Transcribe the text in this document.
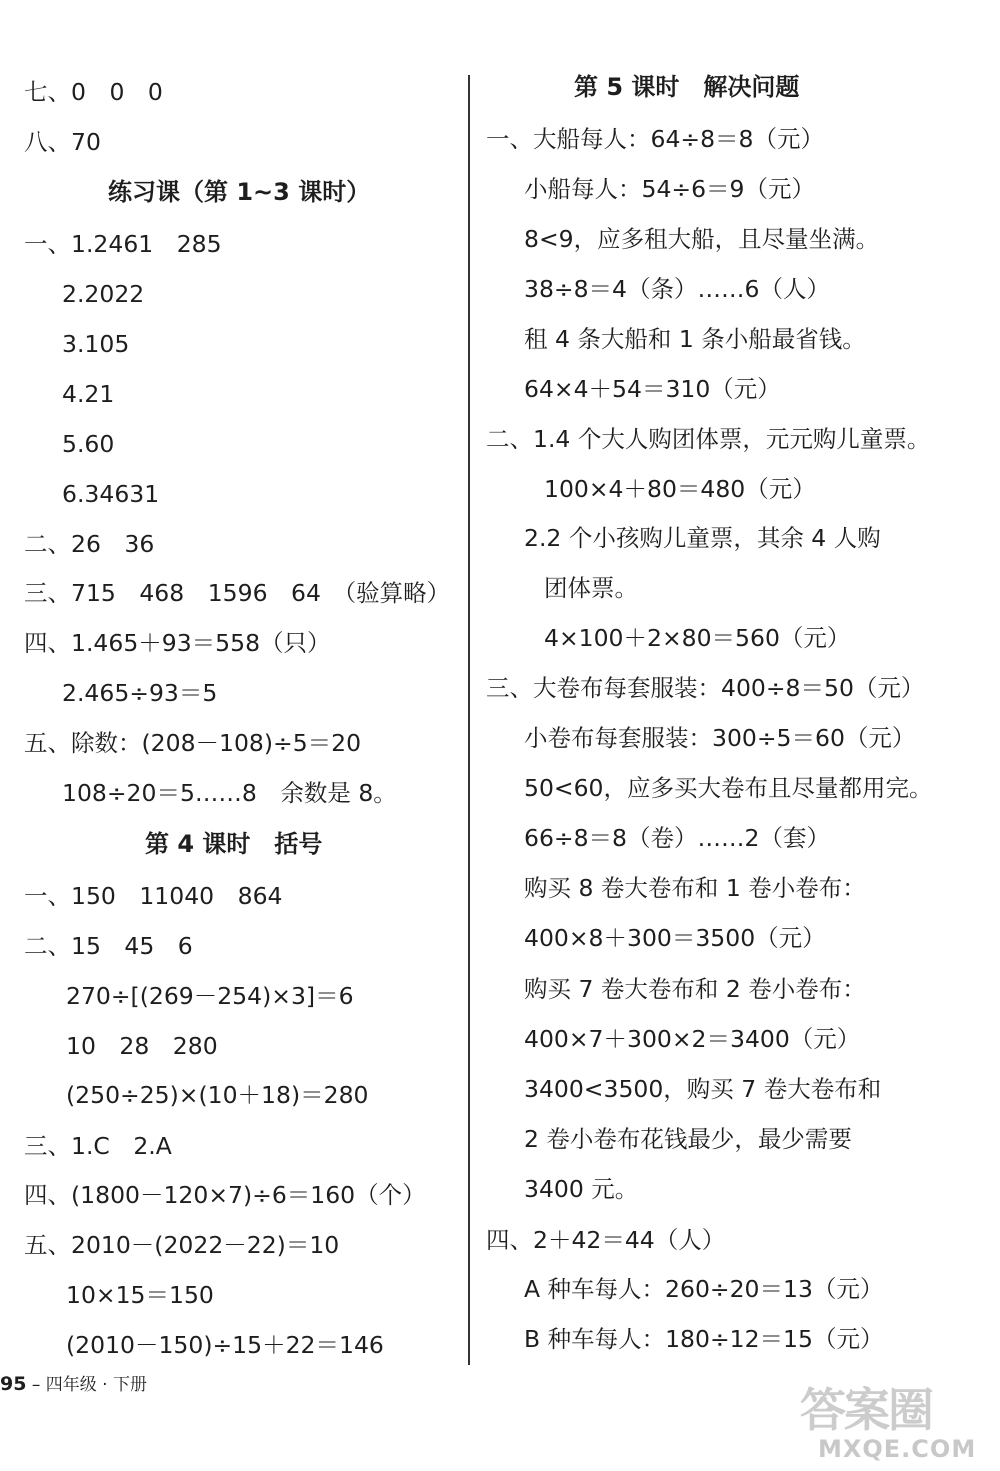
七、0　0　0
八、70
练习课（第 1~3 课时）
一、1.2461　285
2.2022
3.105
4.21
5.60
6.34631
二、26　36
三、715　468　1596　64　（验算略）
四、1.465＋93＝558（只）
2.465÷93＝5
五、除数：(208－108)÷5＝20
108÷20＝5……8　余数是 8。
第 4 课时　括号
一、150　11040　864
二、15　45　6
270÷[(269－254)×3]＝6
10　28　280
(250÷25)×(10＋18)＝280
三、1.C　2.A
四、(1800－120×7)÷6＝160（个）
五、2010－(2022－22)＝10
10×15＝150
(2010－150)÷15＋22＝146
第 5 课时　解决问题
一、大船每人：64÷8＝8（元）
小船每人：54÷6＝9（元）
8<9，应多租大船，且尽量坐满。
38÷8＝4（条）……6（人）
租 4 条大船和 1 条小船最省钱。
64×4＋54＝310（元）
二、1.4 个大人购团体票，元元购儿童票。
100×4＋80＝480（元）
2.2 个小孩购儿童票，其余 4 人购
团体票。
4×100＋2×80＝560（元）
三、大卷布每套服装：400÷8＝50（元）
小卷布每套服装：300÷5＝60（元）
50<60，应多买大卷布且尽量都用完。
66÷8＝8（卷）……2（套）
购买 8 卷大卷布和 1 卷小卷布：
400×8＋300＝3500（元）
购买 7 卷大卷布和 2 卷小卷布：
400×7＋300×2＝3400（元）
3400<3500，购买 7 卷大卷布和
2 卷小卷布花钱最少，最少需要
3400 元。
四、2＋42＝44（人）
A 种车每人：260÷20＝13（元）
B 种车每人：180÷12＝15（元）
95 – 四年级 · 下册	答案圈
MXQE.COM
